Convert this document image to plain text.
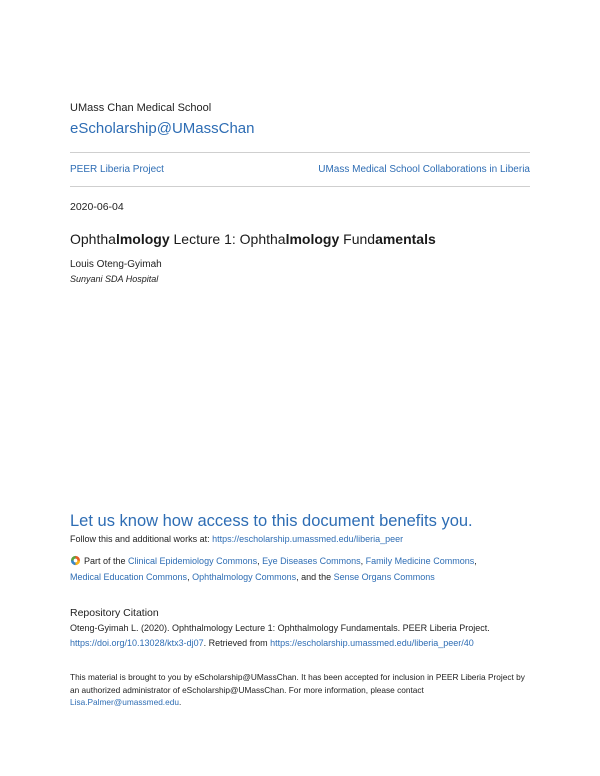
UMass Chan Medical School
eScholarship@UMassChan
PEER Liberia Project	UMass Medical School Collaborations in Liberia
2020-06-04
Ophthalmology Lecture 1: Ophthalmology Fundamentals
Louis Oteng-Gyimah
Sunyani SDA Hospital
Let us know how access to this document benefits you.
Follow this and additional works at: https://escholarship.umassmed.edu/liberia_peer
Part of the Clinical Epidemiology Commons, Eye Diseases Commons, Family Medicine Commons,
Medical Education Commons, Ophthalmology Commons, and the Sense Organs Commons
Repository Citation
Oteng-Gyimah L. (2020). Ophthalmology Lecture 1: Ophthalmology Fundamentals. PEER Liberia Project.
https://doi.org/10.13028/ktx3-dj07. Retrieved from https://escholarship.umassmed.edu/liberia_peer/40
This material is brought to you by eScholarship@UMassChan. It has been accepted for inclusion in PEER Liberia Project by an authorized administrator of eScholarship@UMassChan. For more information, please contact
Lisa.Palmer@umassmed.edu.
